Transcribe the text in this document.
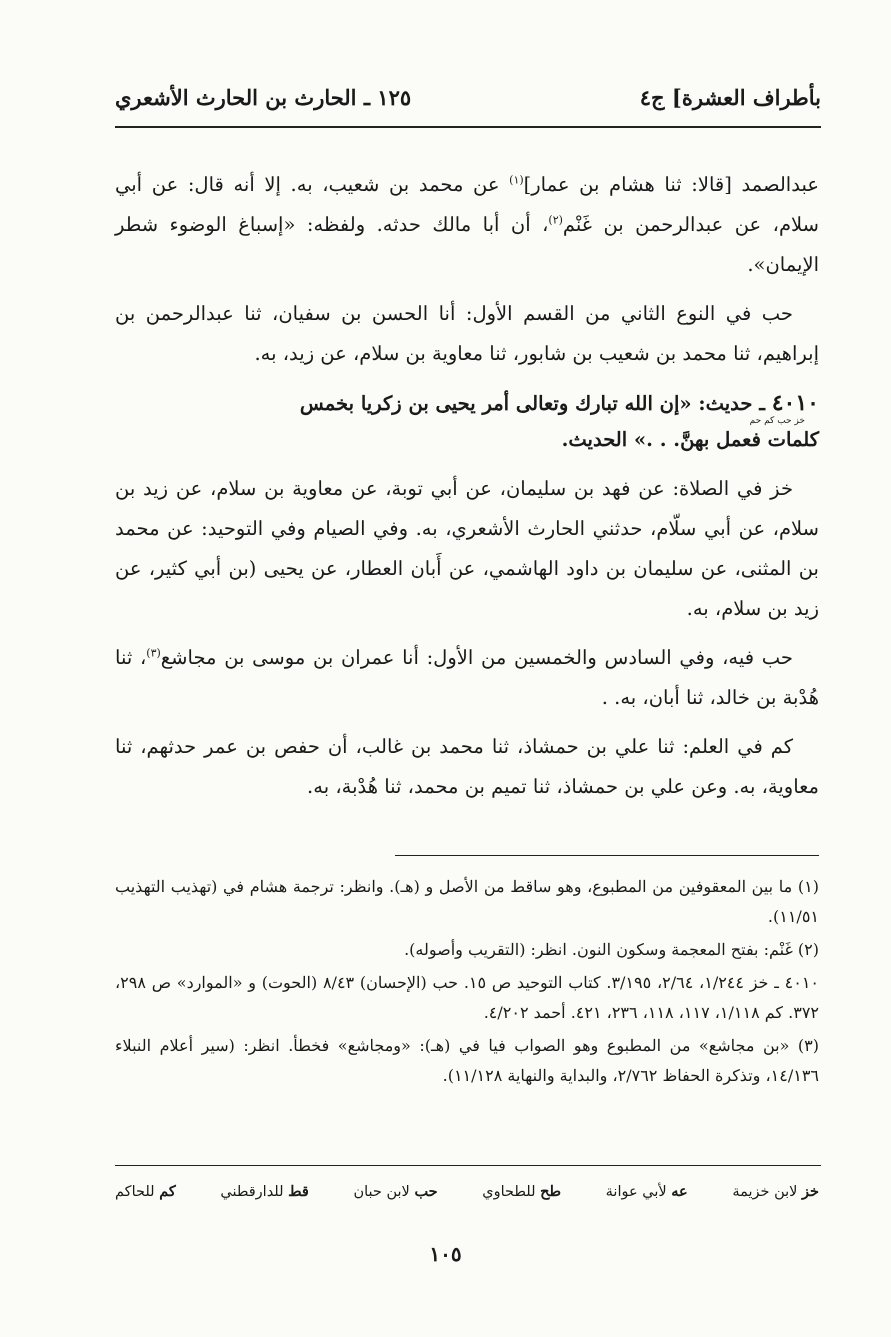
بأطراف العشرة] ج٤
١٢٥ ـ الحارث بن الحارث الأشعري

عبدالصمد [قالا: ثنا هشام بن عمار]$^{(١)}$ عن محمد بن شعيب، به. إلا أنه قال: عن أبي سلام، عن عبدالرحمن بن غَنْم$^{(٢)}$، أن أبا مالك حدثه. ولفظه: «إسباغ الوضوء شطر الإيمان».

حب في النوع الثاني من القسم الأول: أنا الحسن بن سفيان، ثنا عبدالرحمن بن إبراهيم، ثنا محمد بن شعيب بن شابور، ثنا معاوية بن سلام، عن زيد، به.

٤٠١٠ ـ حديث: «إن الله تبارك وتعالى أمر يحيى بن زكريا بخمس
خز حب كم حم
كلمات فعمل بهنَّ. . .» الحديث.

خز في الصلاة: عن فهد بن سليمان، عن أبي توبة، عن معاوية بن سلام، عن زيد بن سلام، عن أبي سلّام، حدثني الحارث الأشعري، به. وفي الصيام وفي التوحيد: عن محمد بن المثنى، عن سليمان بن داود الهاشمي، عن أَبان العطار، عن يحيى (بن أبي كثير، عن زيد بن سلام، به.

حب فيه، وفي السادس والخمسين من الأول: أنا عمران بن موسى بن مجاشع$^{(٣)}$، ثنا هُدْبة بن خالد، ثنا أبان، به. .

كم في العلم: ثنا علي بن حمشاذ، ثنا محمد بن غالب، أن حفص بن عمر حدثهم، ثنا معاوية، به. وعن علي بن حمشاذ، ثنا تميم بن محمد، ثنا هُدْبة، به.

(١) ما بين المعقوفين من المطبوع، وهو ساقط من الأصل و (هـ). وانظر: ترجمة هشام في (تهذيب التهذيب ١١/٥١).

(٢) غَنْم: بفتح المعجمة وسكون النون. انظر: (التقريب وأصوله).

٤٠١٠ ـ خز ١/٢٤٤، ٢/٦٤، ٣/١٩٥. كتاب التوحيد ص ١٥. حب (الإحسان) ٨/٤٣ (الحوت) و «الموارد» ص ٢٩٨، ٣٧٢. كم ١/١١٨، ١١٧، ١١٨، ٢٣٦، ٤٢١. أحمد ٤/٢٠٢.

(٣) «بن مجاشع» من المطبوع وهو الصواب فيا في (هـ): «ومجاشع» فخطأ. انظر: (سير أعلام النبلاء ١٤/١٣٦، وتذكرة الحفاظ ٢/٧٦٢، والبداية والنهاية ١١/١٢٨).

خز لابن خزيمة
عه لأبي عوانة
طح للطحاوي
حب لابن حبان
قط للدارقطني
كم للحاكم
١٠٥
